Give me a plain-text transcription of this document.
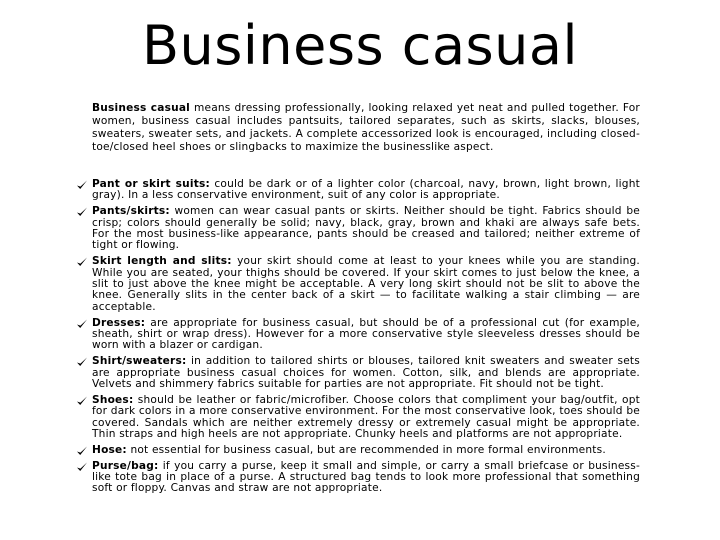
Business casual
Business casual means dressing professionally, looking relaxed yet neat and pulled together. For women, business casual includes pantsuits, tailored separates, such as skirts, slacks, blouses, sweaters, sweater sets, and jackets. A complete accessorized look is encouraged, including closed-toe/closed heel shoes or slingbacks to maximize the businesslike aspect.
Pant or skirt suits: could be dark or of a lighter color (charcoal, navy, brown, light brown, light gray). In a less conservative environment, suit of any color is appropriate.
Pants/skirts: women can wear casual pants or skirts. Neither should be tight. Fabrics should be crisp; colors should generally be solid; navy, black, gray, brown and khaki are always safe bets. For the most business-like appearance, pants should be creased and tailored; neither extreme of tight or flowing.
Skirt length and slits: your skirt should come at least to your knees while you are standing. While you are seated, your thighs should be covered. If your skirt comes to just below the knee, a slit to just above the knee might be acceptable. A very long skirt should not be slit to above the knee. Generally slits in the center back of a skirt — to facilitate walking a stair climbing — are acceptable.
Dresses: are appropriate for business casual, but should be of a professional cut (for example, sheath, shirt or wrap dress). However for a more conservative style sleeveless dresses should be worn with a blazer or cardigan.
Shirt/sweaters: in addition to tailored shirts or blouses, tailored knit sweaters and sweater sets are appropriate business casual choices for women. Cotton, silk, and blends are appropriate. Velvets and shimmery fabrics suitable for parties are not appropriate. Fit should not be tight.
Shoes: should be leather or fabric/microfiber. Choose colors that compliment your bag/outfit, opt for dark colors in a more conservative environment. For the most conservative look, toes should be covered. Sandals which are neither extremely dressy or extremely casual might be appropriate. Thin straps and high heels are not appropriate. Chunky heels and platforms are not appropriate.
Hose: not essential for business casual, but are recommended in more formal environments.
Purse/bag: if you carry a purse, keep it small and simple, or carry a small briefcase or business-like tote bag in place of a purse. A structured bag tends to look more professional that something soft or floppy. Canvas and straw are not appropriate.
